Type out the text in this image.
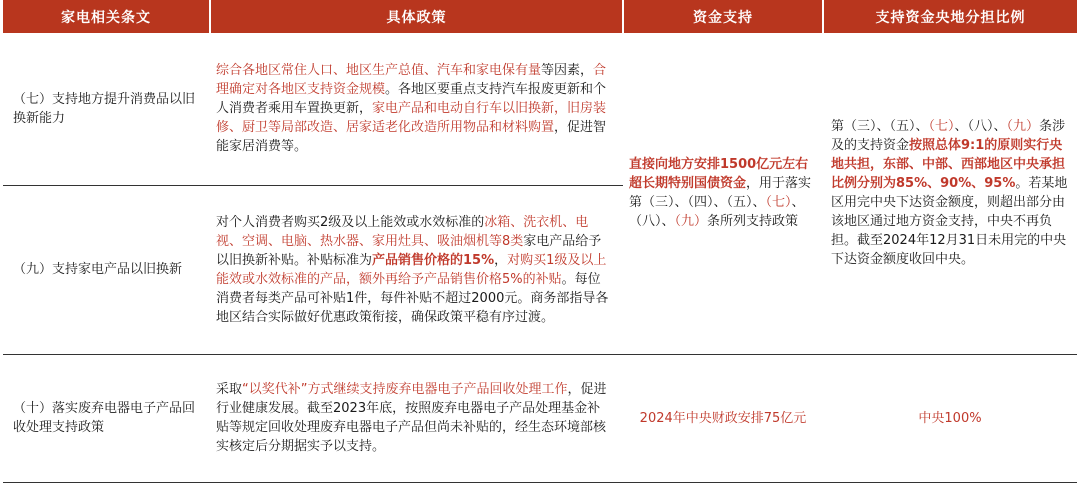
家电相关条文	具体政策	资金支持	支持资金央地分担比例
（七）支持地方提升消费品以旧换新能力	综合各地区常住人口、地区生产总值、汽车和家电保有量等因素，合理确定对各地区支持资金规模。各地区要重点支持汽车报废更新和个人消费者乘用车置换更新，家电产品和电动自行车以旧换新，旧房装修、厨卫等局部改造、居家适老化改造所用物品和材料购置，促进智能家居消费等。	直接向地方安排1500亿元左右超长期特别国债资金，用于落实第（三）、（四）、（五）、（七）、（八）、（九）条所列支持政策	第（三）、（五）、（七）、（八）、（九）条涉及的支持资金按照总体9:1的原则实行央地共担，东部、中部、西部地区中央承担比例分别为85%、90%、95%。若某地区用完中央下达资金额度，则超出部分由该地区通过地方资金支持，中央不再负担。截至2024年12月31日未用完的中央下达资金额度收回中央。
（九）支持家电产品以旧换新	对个人消费者购买2级及以上能效或水效标准的冰箱、洗衣机、电视、空调、电脑、热水器、家用灶具、吸油烟机等8类家电产品给予以旧换新补贴。补贴标准为产品销售价格的15%，对购买1级及以上能效或水效标准的产品，额外再给予产品销售价格5%的补贴。每位消费者每类产品可补贴1件，每件补贴不超过2000元。商务部指导各地区结合实际做好优惠政策衔接，确保政策平稳有序过渡。		
（十）落实废弃电器电子产品回收处理支持政策	采取“以奖代补”方式继续支持废弃电器电子产品回收处理工作，促进行业健康发展。截至2023年底，按照废弃电器电子产品处理基金补贴等规定回收处理废弃电器电子产品但尚未补贴的，经生态环境部核实核定后分期据实予以支持。	2024年中央财政安排75亿元	中央100%
